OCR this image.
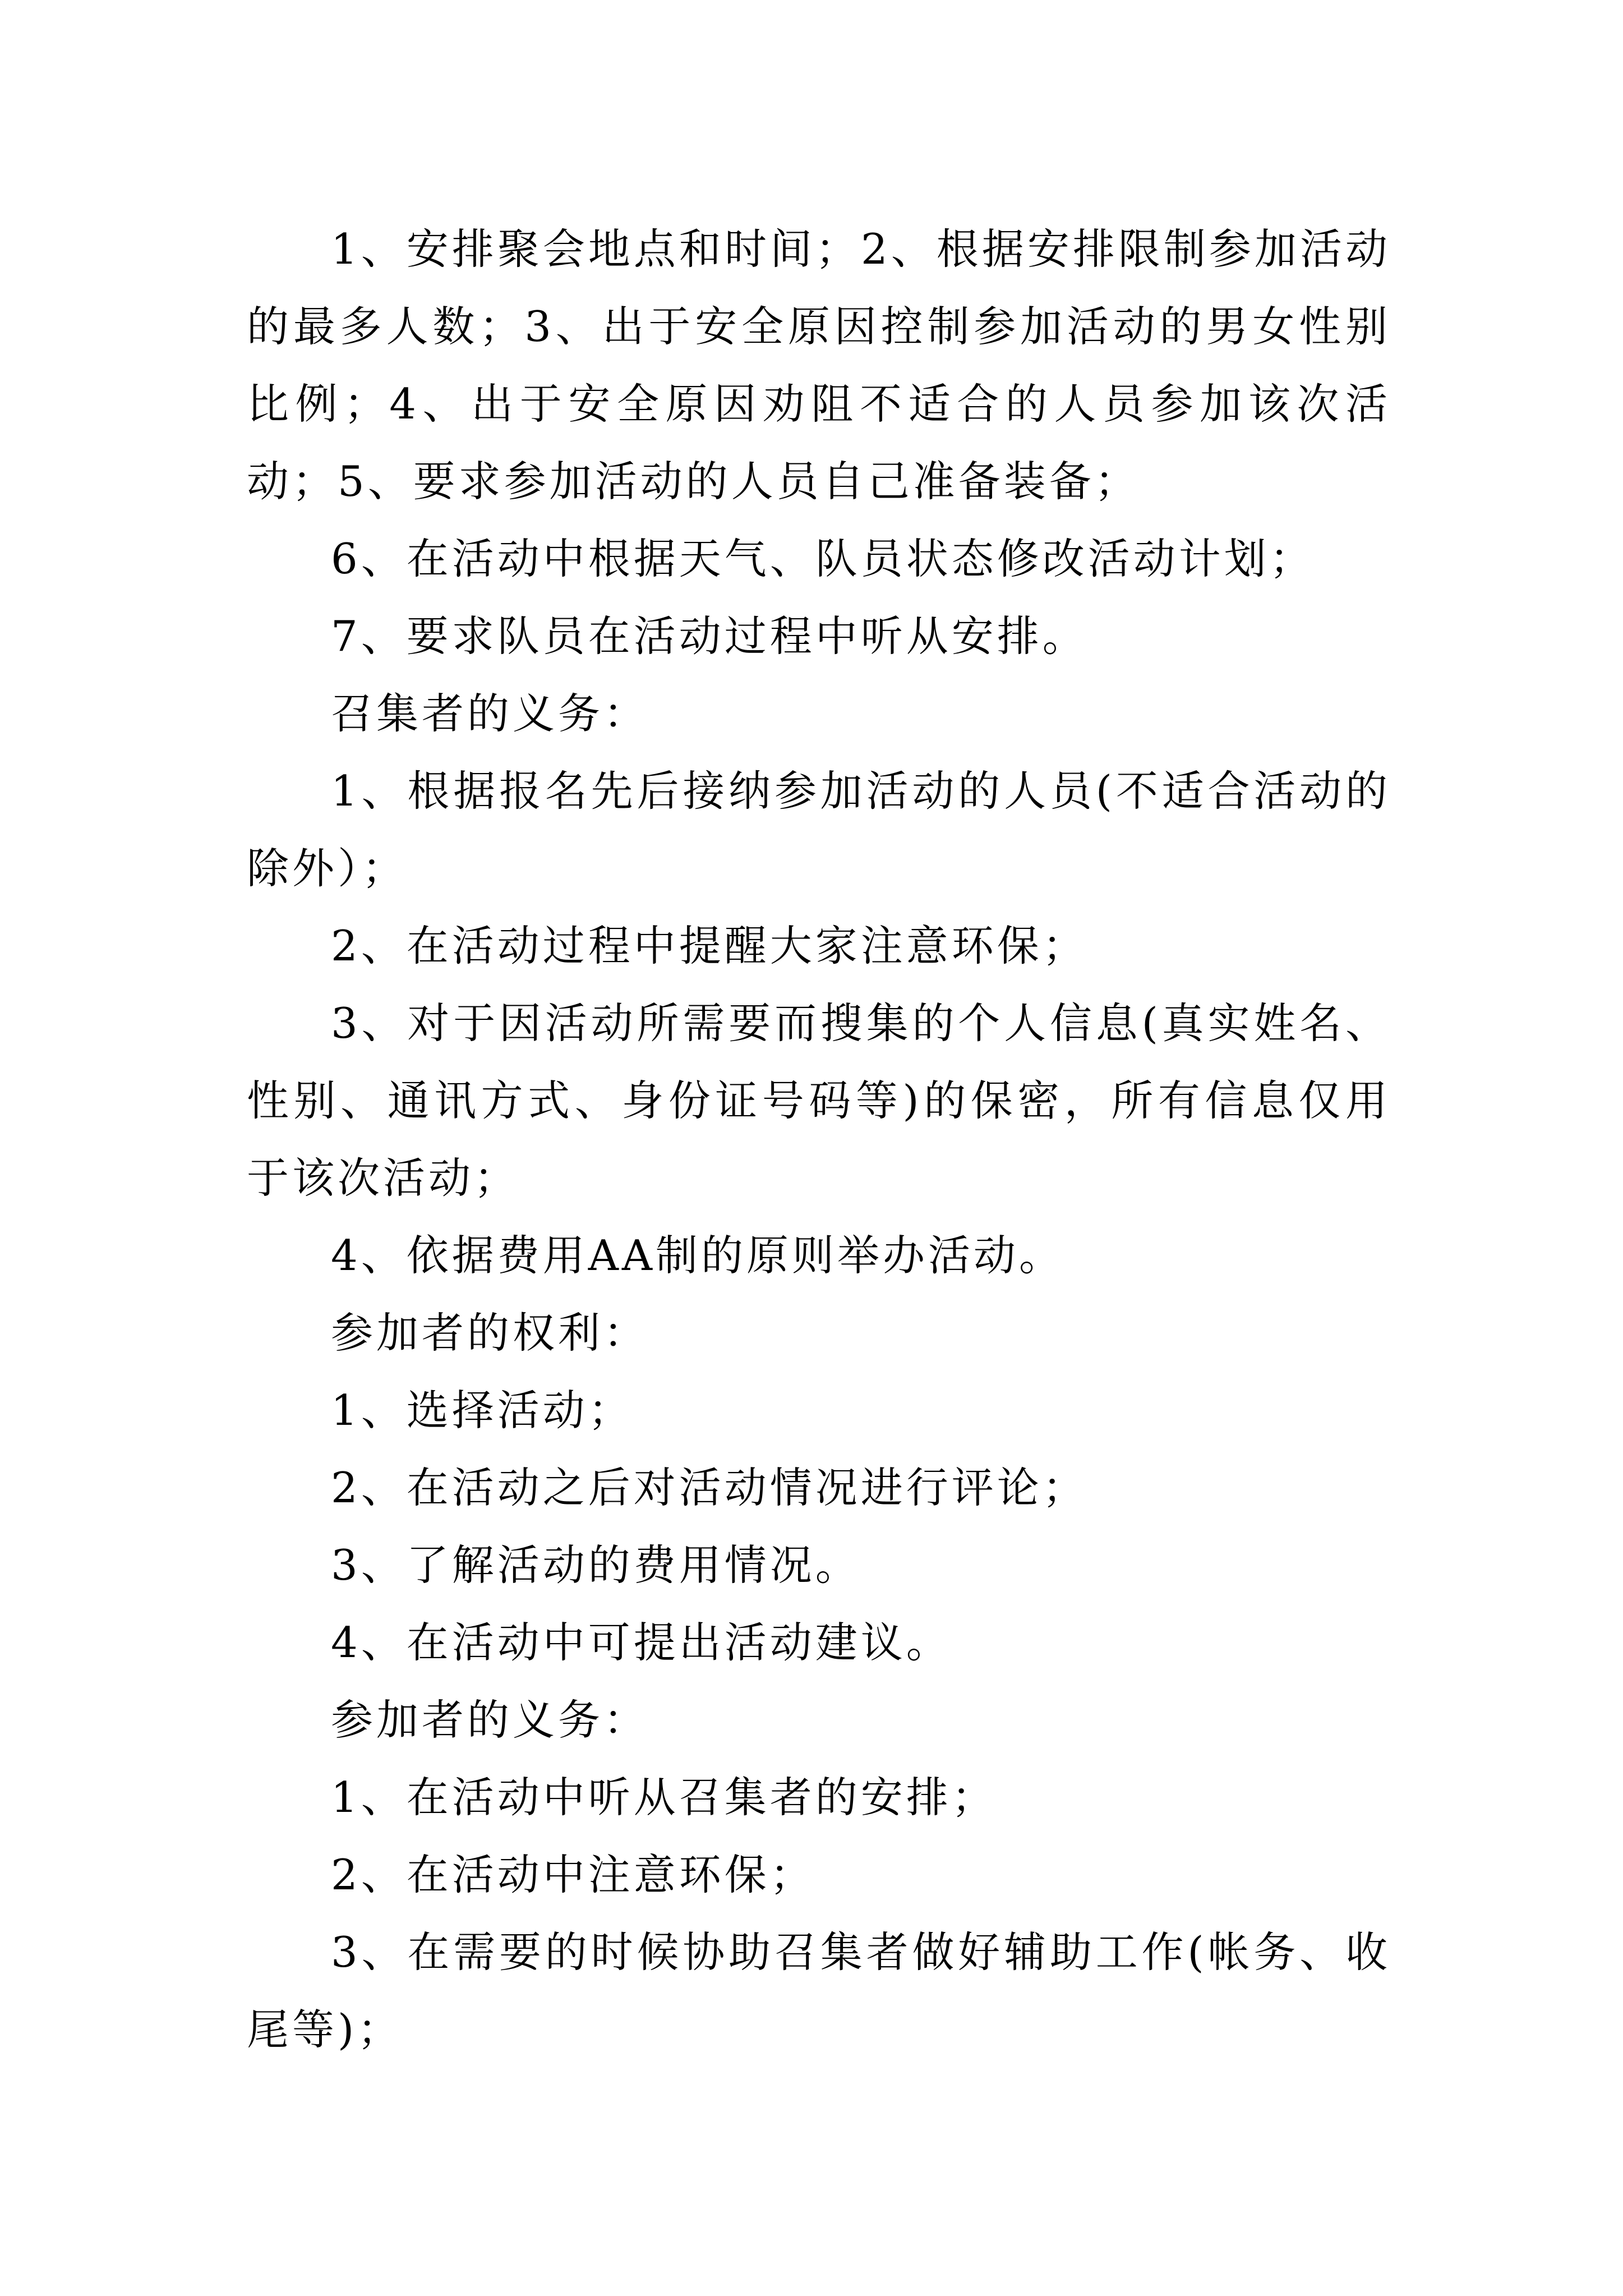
1、安排聚会地点和时间；2、根据安排限制参加活动的最多人数；3、出于安全原因控制参加活动的男女性别比例；4、出于安全原因劝阻不适合的人员参加该次活动；5、要求参加活动的人员自己准备装备；

6、在活动中根据天气、队员状态修改活动计划；

7、要求队员在活动过程中听从安排。

召集者的义务：

1、根据报名先后接纳参加活动的人员(不适合活动的除外）；

2、在活动过程中提醒大家注意环保；

3、对于因活动所需要而搜集的个人信息(真实姓名、性别、通讯方式、身份证号码等)的保密，所有信息仅用于该次活动；

4、依据费用AA制的原则举办活动。

参加者的权利：

1、选择活动；

2、在活动之后对活动情况进行评论；

3、了解活动的费用情况。

4、在活动中可提出活动建议。

参加者的义务：

1、在活动中听从召集者的安排；

2、在活动中注意环保；

3、在需要的时候协助召集者做好辅助工作(帐务、收尾等)；
